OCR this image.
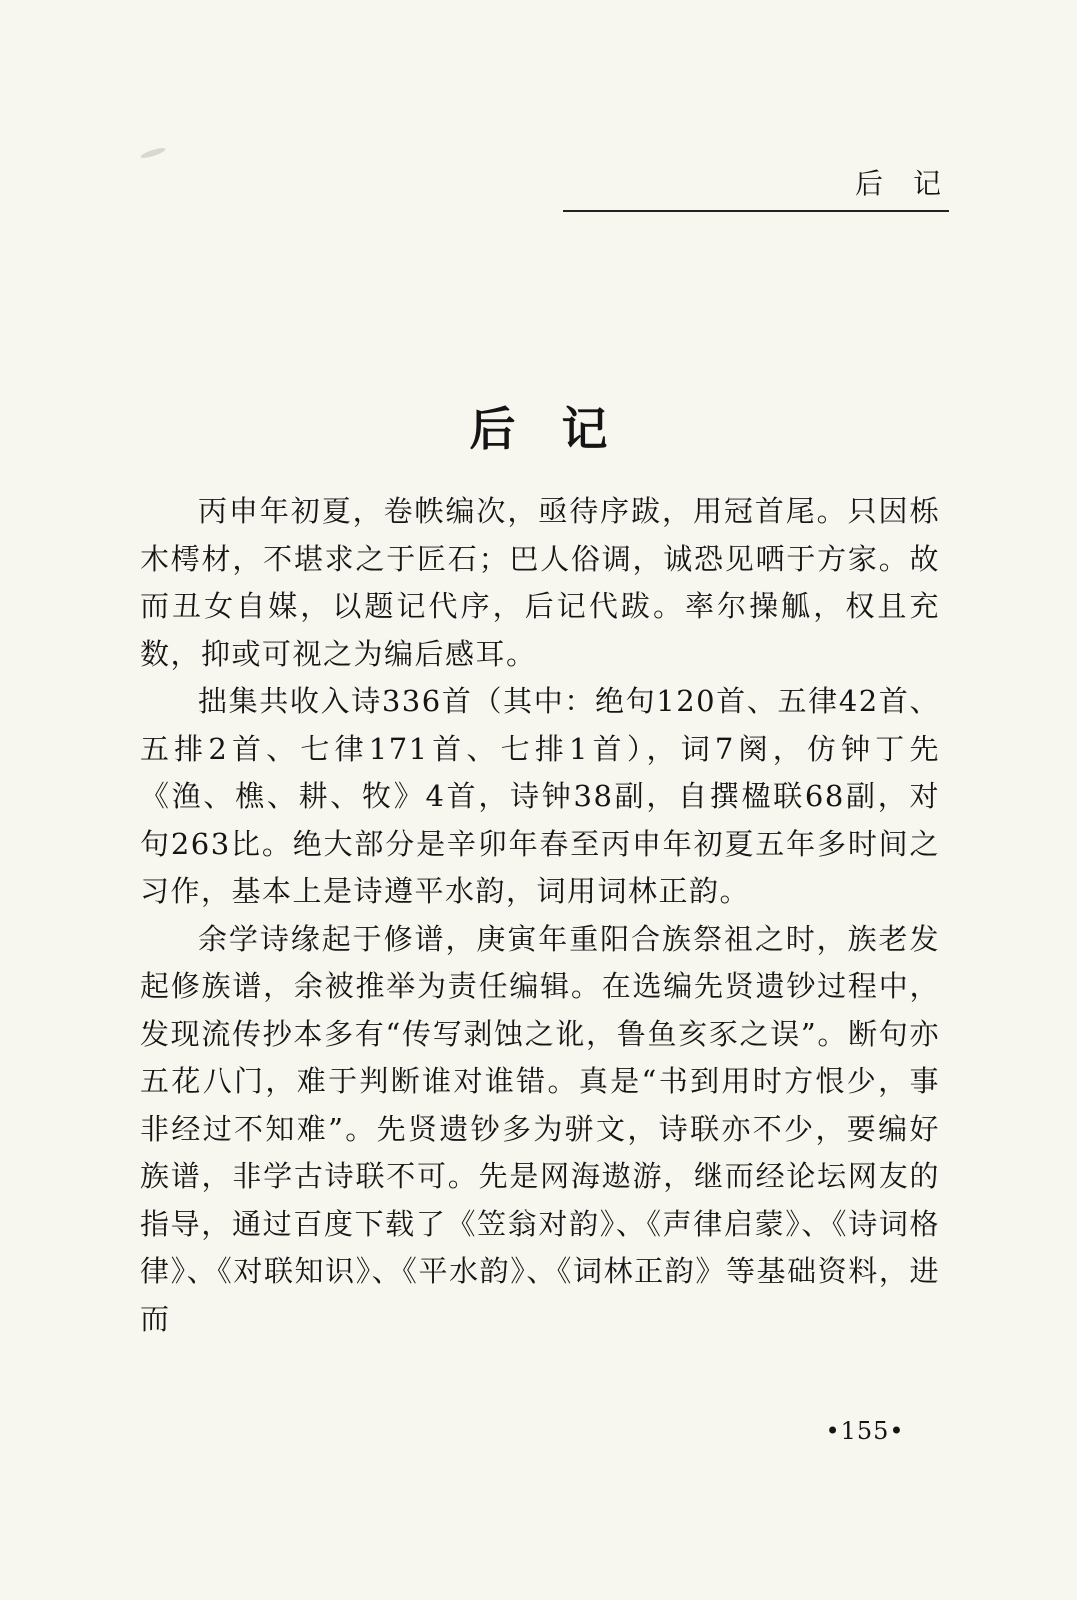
后记
后记

丙申年初夏，卷帙编次，亟待序跋，用冠首尾。只因栎木樗材，不堪求之于匠石；巴人俗调，诚恐见哂于方家。故而丑女自媒，以题记代序，后记代跋。率尔操觚，权且充数，抑或可视之为编后感耳。

拙集共收入诗336首（其中：绝句120首、五律42首、五排2首、七律171首、七排1首），词7阕，仿钟丁先《渔、樵、耕、牧》4首，诗钟38副，自撰楹联68副，对句263比。绝大部分是辛卯年春至丙申年初夏五年多时间之习作，基本上是诗遵平水韵，词用词林正韵。

余学诗缘起于修谱，庚寅年重阳合族祭祖之时，族老发起修族谱，余被推举为责任编辑。在选编先贤遗钞过程中，发现流传抄本多有“传写剥蚀之讹，鲁鱼亥豕之误”。断句亦五花八门，难于判断谁对谁错。真是“书到用时方恨少，事非经过不知难”。先贤遗钞多为骈文，诗联亦不少，要编好族谱，非学古诗联不可。先是网海遨游，继而经论坛网友的指导，通过百度下载了《笠翁对韵》、《声律启蒙》、《诗词格律》、《对联知识》、《平水韵》、《词林正韵》等基础资料，进而

•155•
